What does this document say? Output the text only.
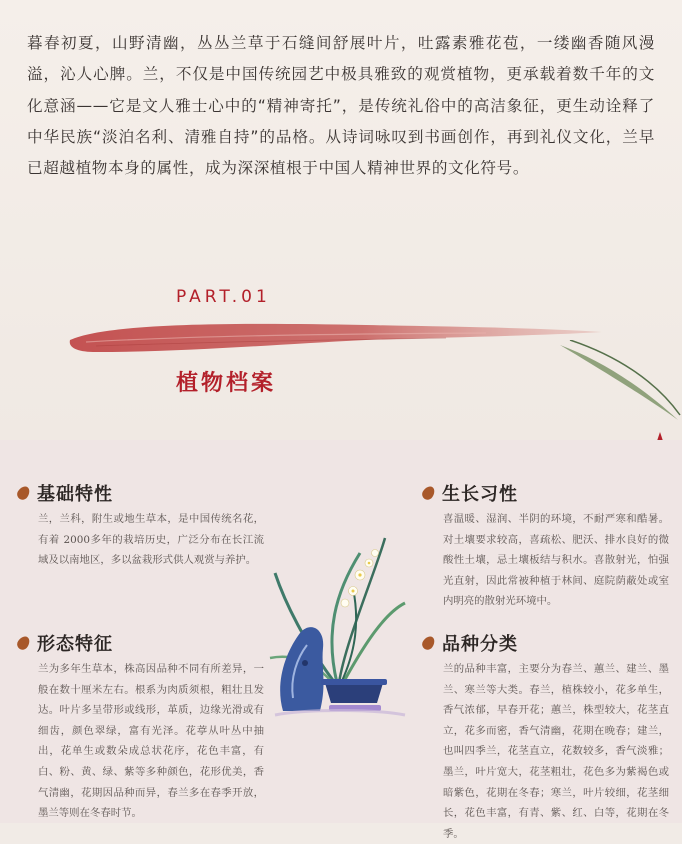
暮春初夏，山野清幽，丛丛兰草于石缝间舒展叶片，吐露素雅花苞，一缕幽香随风漫溢，沁人心脾。兰，不仅是中国传统园艺中极具雅致的观赏植物，更承载着数千年的文化意涵——它是文人雅士心中的“精神寄托”，是传统礼俗中的高洁象征，更生动诠释了中华民族“淡泊名利、清雅自持”的品格。从诗词咏叹到书画创作，再到礼仪文化，兰早已超越植物本身的属性，成为深深植根于中国人精神世界的文化符号。

PART.01
植物档案
基础特性

兰，兰科，附生或地生草本，是中国传统名花，有着 2000多年的栽培历史，广泛分布在长江流域及以南地区，多以盆栽形式供人观赏与养护。

生长习性

喜温暖、湿润、半阴的环境，不耐严寒和酷暑。对土壤要求较高，喜疏松、肥沃、排水良好的微酸性土壤，忌土壤板结与积水。喜散射光，怕强光直射，因此常被种植于林间、庭院荫蔽处或室内明亮的散射光环境中。

形态特征

兰为多年生草本，株高因品种不同有所差异，一般在数十厘米左右。根系为肉质须根，粗壮且发达。叶片多呈带形或线形，革质，边缘光滑或有细齿，颜色翠绿，富有光泽。花葶从叶丛中抽出，花单生或数朵成总状花序，花色丰富，有白、粉、黄、绿、紫等多种颜色，花形优美，香气清幽，花期因品种而异，春兰多在春季开放，墨兰等则在冬春时节。

品种分类

兰的品种丰富，主要分为春兰、蕙兰、建兰、墨兰、寒兰等大类。春兰，植株较小，花多单生，香气浓郁，早春开花；蕙兰，株型较大，花茎直立，花多而密，香气清幽，花期在晚春；建兰，也叫四季兰，花茎直立，花数较多，香气淡雅；墨兰，叶片宽大，花茎粗壮，花色多为紫褐色或暗紫色，花期在冬春；寒兰，叶片较细，花茎细长，花色丰富，有青、紫、红、白等，花期在冬季。
